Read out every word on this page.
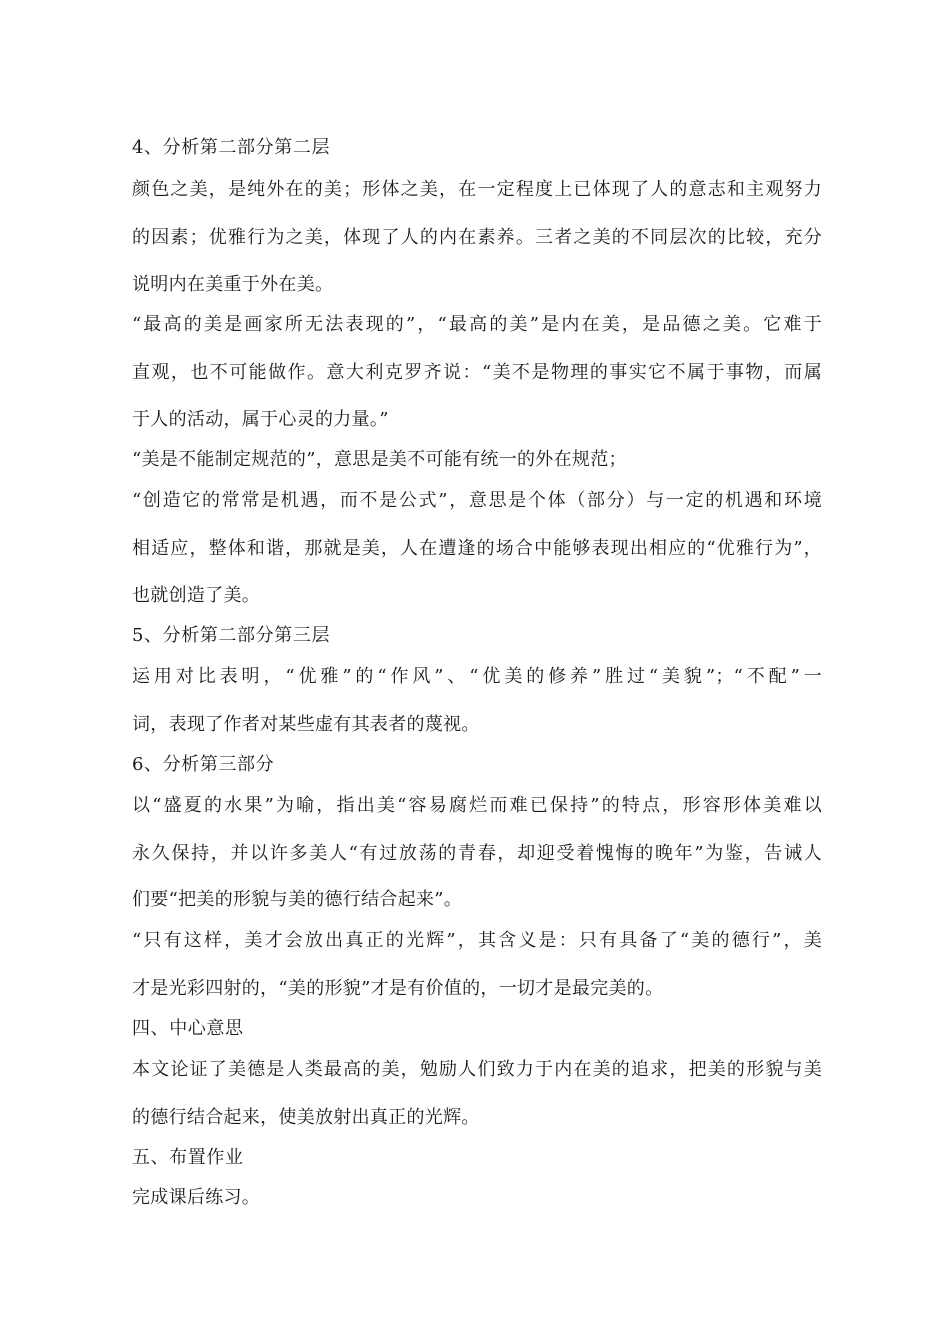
4、分析第二部分第二层
颜色之美，是纯外在的美；形体之美，在一定程度上已体现了人的意志和主观努力
的因素；优雅行为之美，体现了人的内在素养。三者之美的不同层次的比较，充分
说明内在美重于外在美。
“最高的美是画家所无法表现的”，“最高的美”是内在美，是品德之美。它难于
直观，也不可能做作。意大利克罗齐说：“美不是物理的事实它不属于事物，而属
于人的活动，属于心灵的力量。”
“美是不能制定规范的”，意思是美不可能有统一的外在规范；
“创造它的常常是机遇，而不是公式”，意思是个体（部分）与一定的机遇和环境
相适应，整体和谐，那就是美，人在遭逢的场合中能够表现出相应的“优雅行为”，
也就创造了美。
5、分析第二部分第三层
运用对比表明，“优雅”的“作风”、“优美的修养”胜过“美貌”；“不配”一
词，表现了作者对某些虚有其表者的蔑视。
6、分析第三部分
以“盛夏的水果”为喻，指出美“容易腐烂而难已保持”的特点，形容形体美难以
永久保持，并以许多美人“有过放荡的青春，却迎受着愧悔的晚年”为鉴，告诫人
们要“把美的形貌与美的德行结合起来”。
“只有这样，美才会放出真正的光辉”，其含义是：只有具备了“美的德行”，美
才是光彩四射的，“美的形貌”才是有价值的，一切才是最完美的。
四、中心意思
本文论证了美德是人类最高的美，勉励人们致力于内在美的追求，把美的形貌与美
的德行结合起来，使美放射出真正的光辉。
五、布置作业
完成课后练习。
